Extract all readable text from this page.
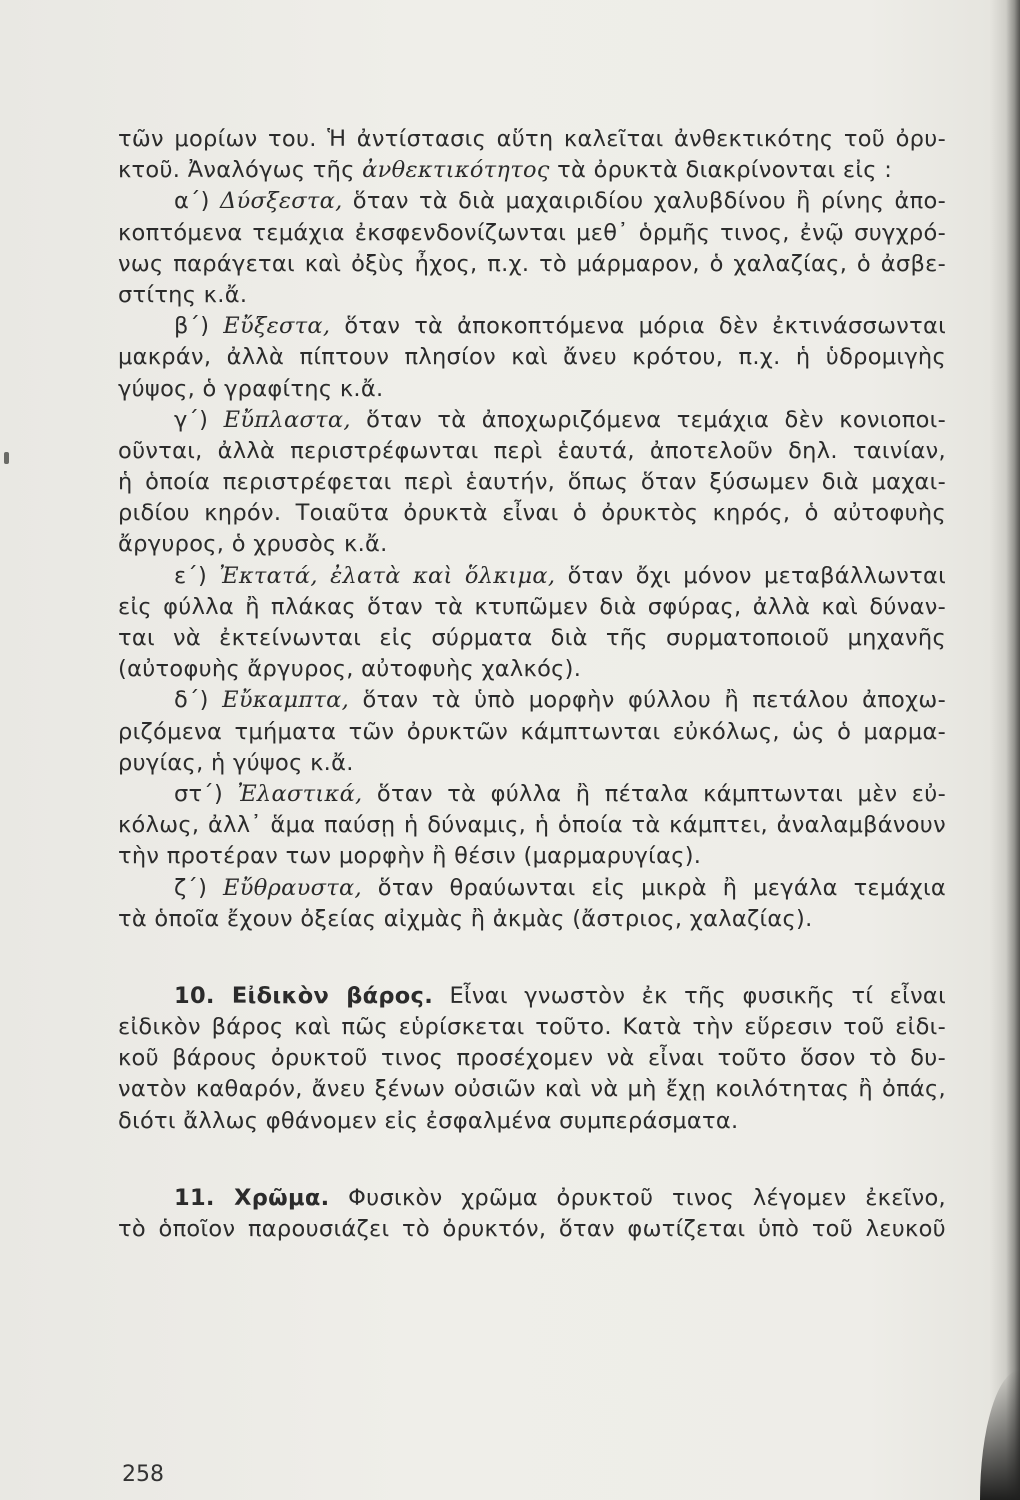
τῶν μορίων του. Ἡ ἀντίστασις αὕτη καλεῖται ἀνθεκτικότης τοῦ ὀρυ-
κτοῦ. Ἀναλόγως τῆς ἀνθεκτικότητος τὰ ὀρυκτὰ διακρίνονται εἰς :
α΄) Δύσξεστα, ὅταν τὰ διὰ μαχαιριδίου χαλυβδίνου ἢ ρίνης ἀπο-
κοπτόμενα τεμάχια ἐκσφενδονίζωνται μεθ᾽ ὁρμῆς τινος, ἐνῷ συγχρό-
νως παράγεται καὶ ὀξὺς ἦχος, π.χ. τὸ μάρμαρον, ὁ χαλαζίας, ὁ ἀσβε-
στίτης κ.ἄ.
β΄) Εὔξεστα, ὅταν τὰ ἀποκοπτόμενα μόρια δὲν ἐκτινάσσωνται
μακράν, ἀλλὰ πίπτουν πλησίον καὶ ἄνευ κρότου, π.χ. ἡ ὑδρομιγὴς
γύψος, ὁ γραφίτης κ.ἄ.
γ΄) Εὔπλαστα, ὅταν τὰ ἀποχωριζόμενα τεμάχια δὲν κονιοποι-
οῦνται, ἀλλὰ περιστρέφωνται περὶ ἑαυτά, ἀποτελοῦν δηλ. ταινίαν,
ἡ ὁποία περιστρέφεται περὶ ἑαυτήν, ὅπως ὅταν ξύσωμεν διὰ μαχαι-
ριδίου κηρόν. Τοιαῦτα ὀρυκτὰ εἶναι ὁ ὀρυκτὸς κηρός, ὁ αὐτοφυὴς
ἄργυρος, ὁ χρυσὸς κ.ἄ.
ε΄) Ἐκτατά, ἐλατὰ καὶ ὅλκιμα, ὅταν ὄχι μόνον μεταβάλλωνται
εἰς φύλλα ἢ πλάκας ὅταν τὰ κτυπῶμεν διὰ σφύρας, ἀλλὰ καὶ δύναν-
ται νὰ ἐκτείνωνται εἰς σύρματα διὰ τῆς συρματοποιοῦ μηχανῆς
(αὐτοφυὴς ἄργυρος, αὐτοφυὴς χαλκός).
δ΄) Εὔκαμπτα, ὅταν τὰ ὑπὸ μορφὴν φύλλου ἢ πετάλου ἀποχω-
ριζόμενα τμήματα τῶν ὀρυκτῶν κάμπτωνται εὐκόλως, ὡς ὁ μαρμα-
ρυγίας, ἡ γύψος κ.ἄ.
στ΄) Ἐλαστικά, ὅταν τὰ φύλλα ἢ πέταλα κάμπτωνται μὲν εὐ-
κόλως, ἀλλ᾽ ἅμα παύσῃ ἡ δύναμις, ἡ ὁποία τὰ κάμπτει, ἀναλαμβάνουν
τὴν προτέραν των μορφὴν ἢ θέσιν (μαρμαρυγίας).
ζ΄) Εὔθραυστα, ὅταν θραύωνται εἰς μικρὰ ἢ μεγάλα τεμάχια
τὰ ὁποῖα ἔχουν ὀξείας αἰχμὰς ἢ ἀκμὰς (ἄστριος, χαλαζίας).
10. Εἰδικὸν βάρος. Εἶναι γνωστὸν ἐκ τῆς φυσικῆς τί εἶναι
εἰδικὸν βάρος καὶ πῶς εὑρίσκεται τοῦτο. Κατὰ τὴν εὕρεσιν τοῦ εἰδι-
κοῦ βάρους ὀρυκτοῦ τινος προσέχομεν νὰ εἶναι τοῦτο ὅσον τὸ δυ-
νατὸν καθαρόν, ἄνευ ξένων οὐσιῶν καὶ νὰ μὴ ἔχῃ κοιλότητας ἢ ὀπάς,
διότι ἄλλως φθάνομεν εἰς ἐσφαλμένα συμπεράσματα.
11. Χρῶμα. Φυσικὸν χρῶμα ὀρυκτοῦ τινος λέγομεν ἐκεῖνο,
τὸ ὁποῖον παρουσιάζει τὸ ὀρυκτόν, ὅταν φωτίζεται ὑπὸ τοῦ λευκοῦ
258
